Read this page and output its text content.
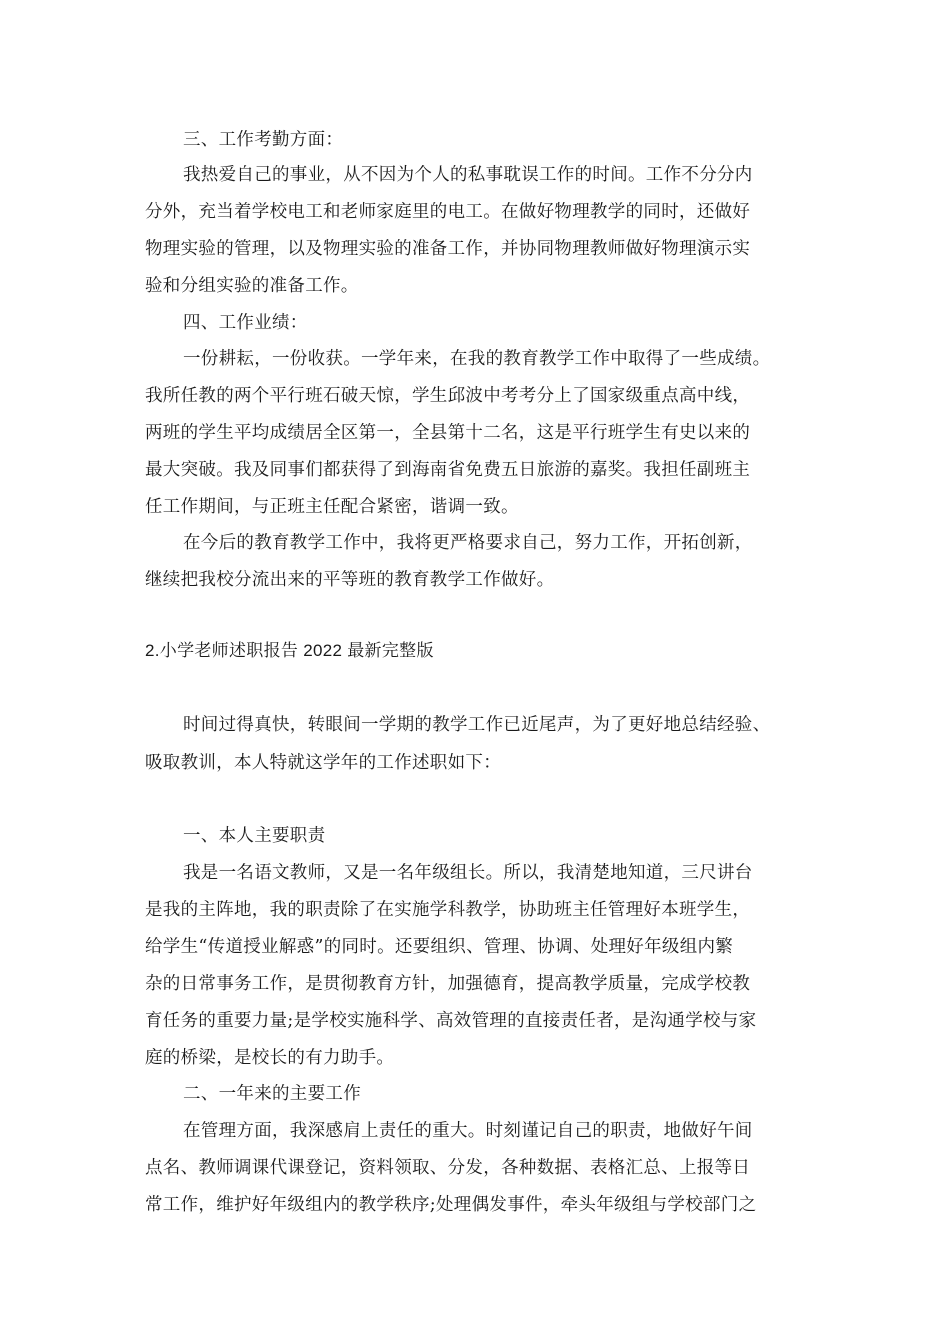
三、工作考勤方面：
我热爱自己的事业，从不因为个人的私事耽误工作的时间。工作不分分内
分外，充当着学校电工和老师家庭里的电工。在做好物理教学的同时，还做好
物理实验的管理，以及物理实验的准备工作，并协同物理教师做好物理演示实
验和分组实验的准备工作。
四、工作业绩：
一份耕耘，一份收获。一学年来，在我的教育教学工作中取得了一些成绩。
我所任教的两个平行班石破天惊，学生邱波中考考分上了国家级重点高中线，
两班的学生平均成绩居全区第一，全县第十二名，这是平行班学生有史以来的
最大突破。我及同事们都获得了到海南省免费五日旅游的嘉奖。我担任副班主
任工作期间，与正班主任配合紧密，谐调一致。
在今后的教育教学工作中，我将更严格要求自己，努力工作，开拓创新，
继续把我校分流出来的平等班的教育教学工作做好。
2.小学老师述职报告 2022 最新完整版
时间过得真快，转眼间一学期的教学工作已近尾声，为了更好地总结经验、
吸取教训，本人特就这学年的工作述职如下：
一、本人主要职责
我是一名语文教师，又是一名年级组长。所以，我清楚地知道，三尺讲台
是我的主阵地，我的职责除了在实施学科教学，协助班主任管理好本班学生，
给学生“传道授业解惑”的同时。还要组织、管理、协调、处理好年级组内繁
杂的日常事务工作，是贯彻教育方针，加强德育，提高教学质量，完成学校教
育任务的重要力量;是学校实施科学、高效管理的直接责任者，是沟通学校与家
庭的桥梁，是校长的有力助手。
二、一年来的主要工作
在管理方面，我深感肩上责任的重大。时刻谨记自己的职责，地做好午间
点名、教师调课代课登记，资料领取、分发，各种数据、表格汇总、上报等日
常工作，维护好年级组内的教学秩序;处理偶发事件，牵头年级组与学校部门之
